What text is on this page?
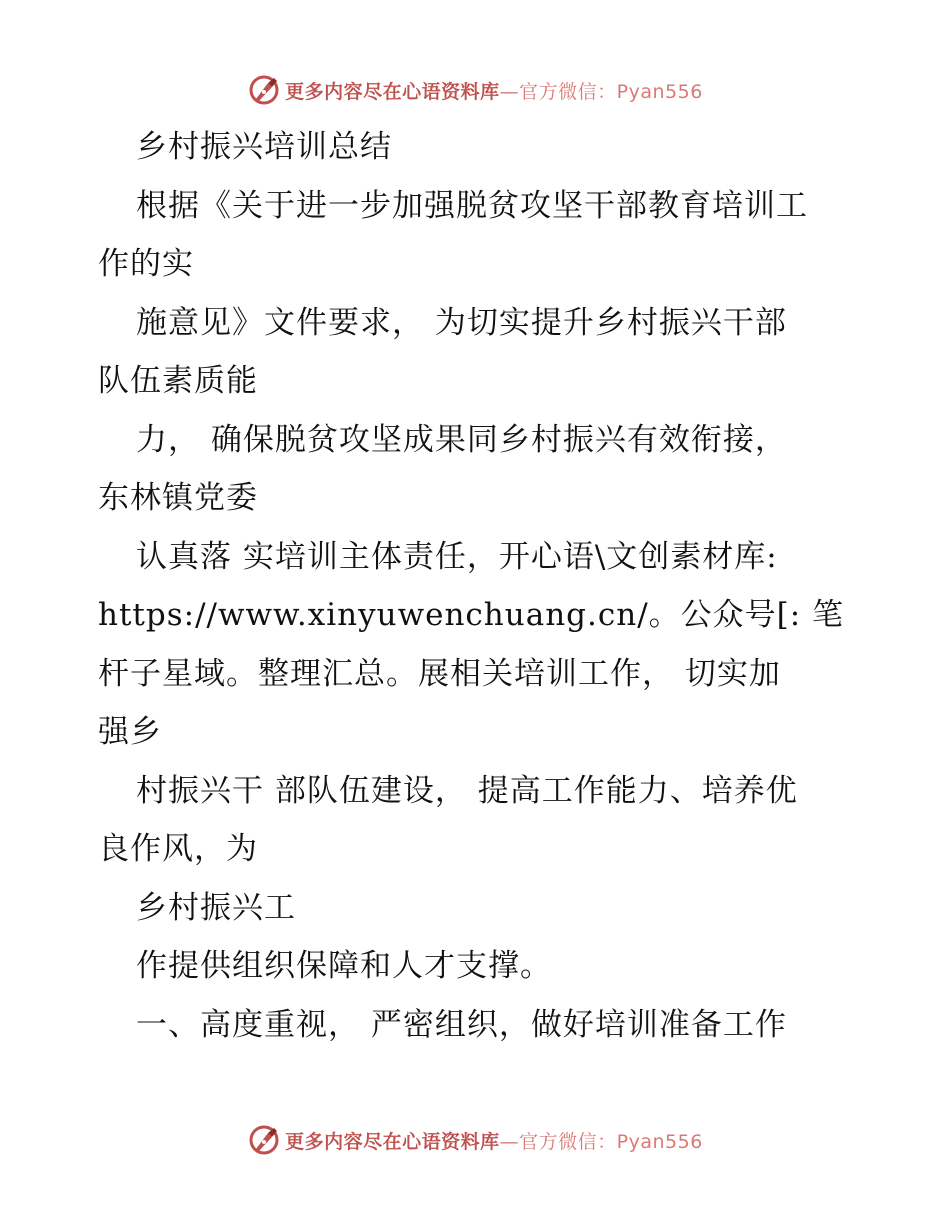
更多内容尽在心语资料库—官方微信：Pyan556
乡村振兴培训总结
根据《关于进一步加强脱贫攻坚干部教育培训工
作的实
施意见》文件要求， 为切实提升乡村振兴干部
队伍素质能
力， 确保脱贫攻坚成果同乡村振兴有效衔接，
东林镇党委
认真落 实培训主体责任，开心语\文创素材库:
https://www.xinyuwenchuang.cn/。公众号[: 笔
杆子星域。整理汇总。展相关培训工作， 切实加
强乡
村振兴干 部队伍建设， 提高工作能力、培养优
良作风，为
乡村振兴工
作提供组织保障和人才支撑。
一、高度重视， 严密组织，做好培训准备工作
更多内容尽在心语资料库—官方微信：Pyan556
